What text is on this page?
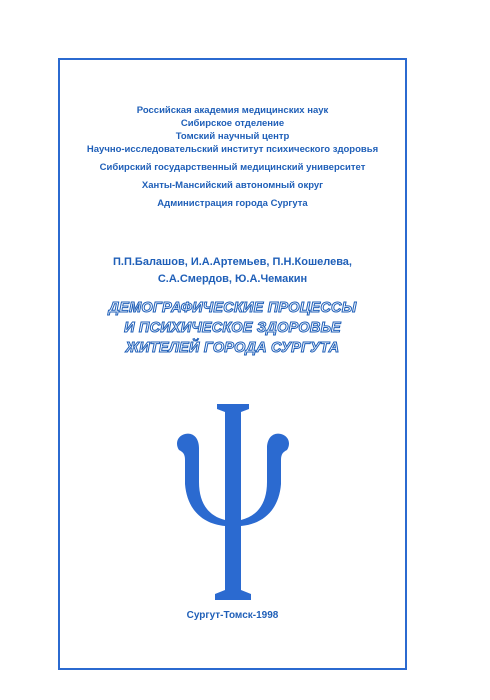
Российская академия медицинских наук
Сибирское отделение
Томский научный центр
Научно-исследовательский институт психического здоровья
Сибирский государственный медицинский университет
Ханты-Мансийский автономный округ
Администрация города Сургута
П.П.Балашов, И.А.Артемьев, П.Н.Кошелева,
С.А.Смердов, Ю.А.Чемакин
ДЕМОГРАФИЧЕСКИЕ ПРОЦЕССЫ
И ПСИХИЧЕСКОЕ ЗДОРОВЬЕ
ЖИТЕЛЕЙ ГОРОДА СУРГУТА
Сургут-Томск-1998
